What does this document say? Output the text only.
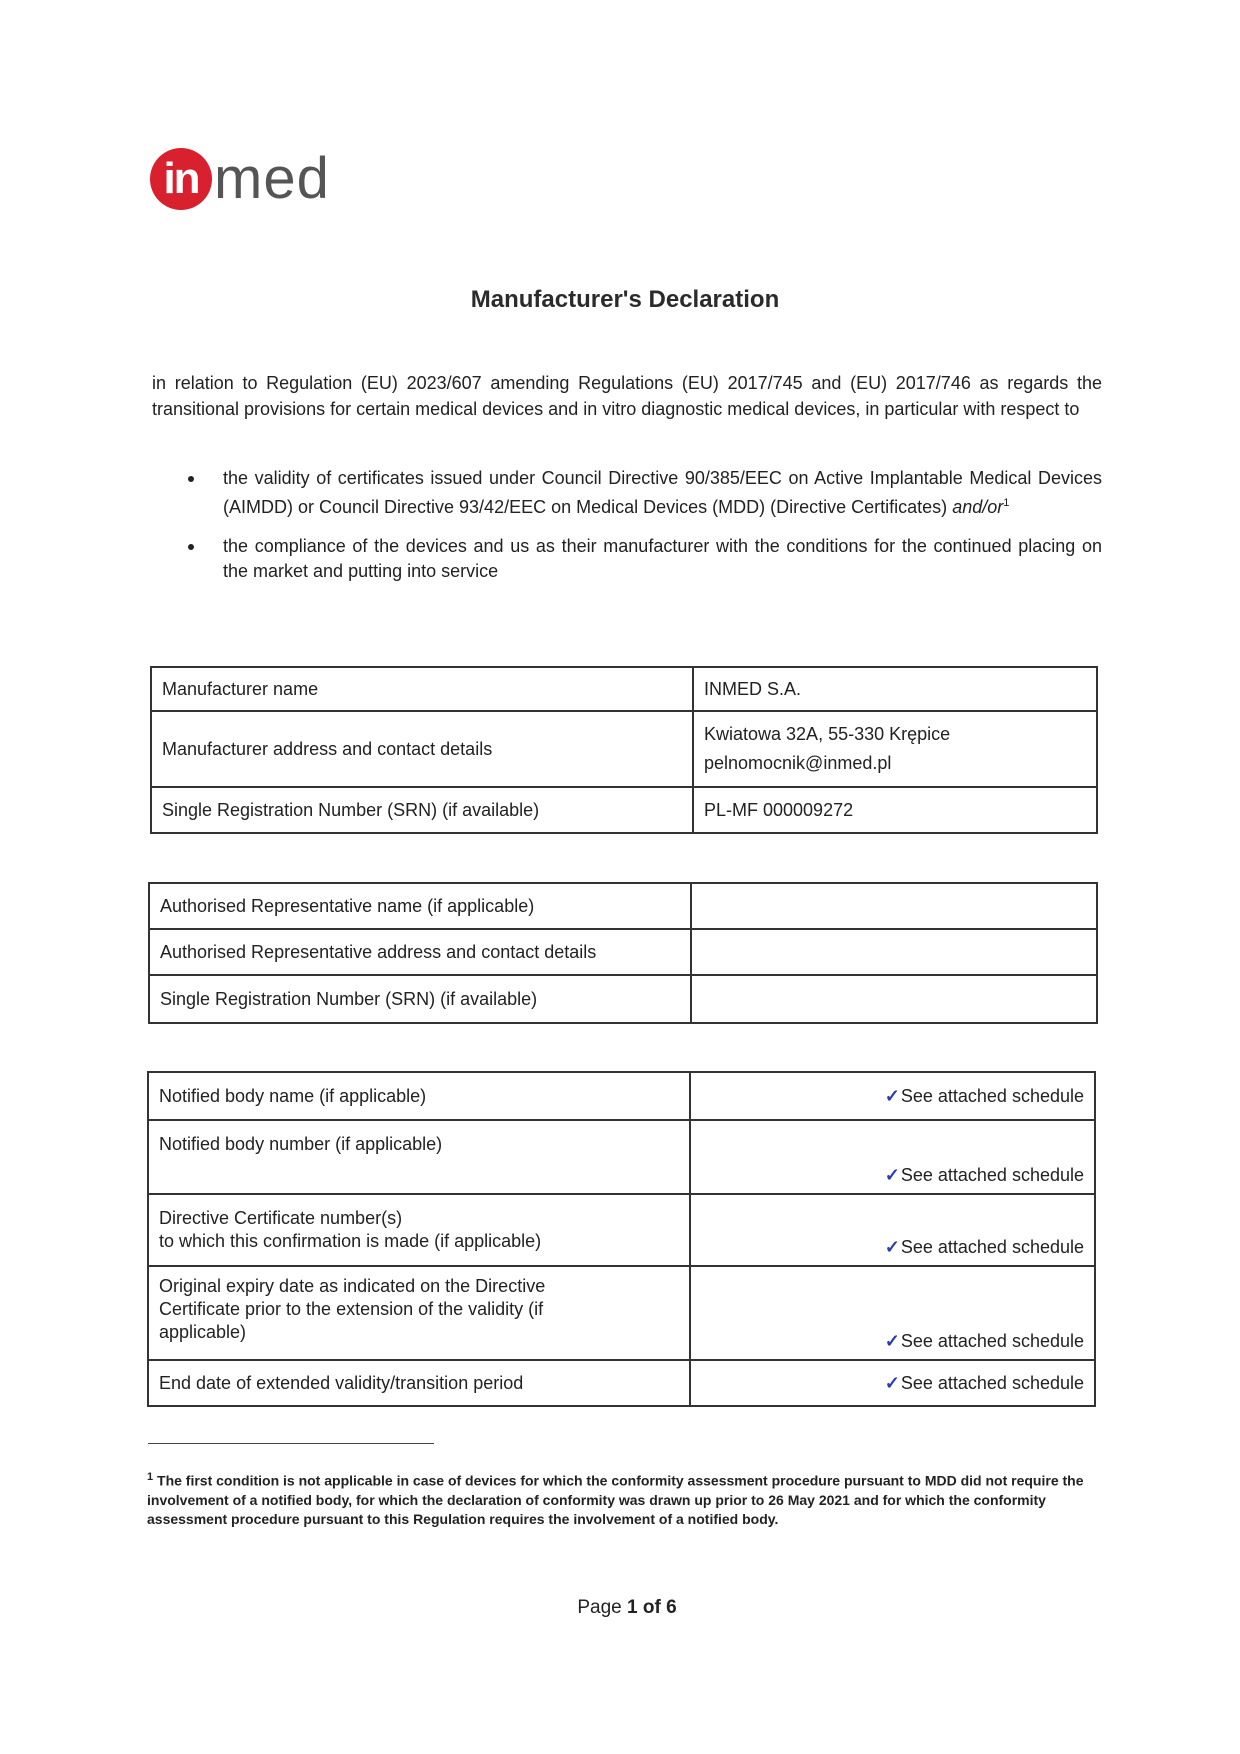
in med
Manufacturer's Declaration
in relation to Regulation (EU) 2023/607 amending Regulations (EU) 2017/745 and (EU) 2017/746 as regards the transitional provisions for certain medical devices and in vitro diagnostic medical devices, in particular with respect to
the validity of certificates issued under Council Directive 90/385/EEC on Active Implantable Medical Devices (AIMDD) or Council Directive 93/42/EEC on Medical Devices (MDD) (Directive Certificates) and/$or^1$
the compliance of the devices and us as their manufacturer with the conditions for the continued placing on the market and putting into service
Manufacturer name	INMED S.A.
Manufacturer address and contact details	Kwiatowa 32A, 55-330 Krępice
pelnomocnik@inmed.pl

Single Registration Number (SRN) (if available)	PL-MF 000009272
Authorised Representative name (if applicable)	
Authorised Representative address and contact details	
Single Registration Number (SRN) (if available)	
Notified body name (if applicable)	✓See attached schedule
Notified body number (if applicable)	✓See attached schedule

Directive Certificate number(s)
to which this confirmation is made (if applicable)	✓See attached schedule

Original expiry date as indicated on the Directive
Certificate prior to the extension of the validity (if
applicable)	✓See attached schedule
End date of extended validity/transition period	✓See attached schedule
$^1$ The first condition is not applicable in case of devices for which the conformity assessment procedure pursuant to MDD did not require the involvement of a notified body, for which the declaration of conformity was drawn up prior to 26 May 2021 and for which the conformity assessment procedure pursuant to this Regulation requires the involvement of a notified body.
Page 1 of 6
